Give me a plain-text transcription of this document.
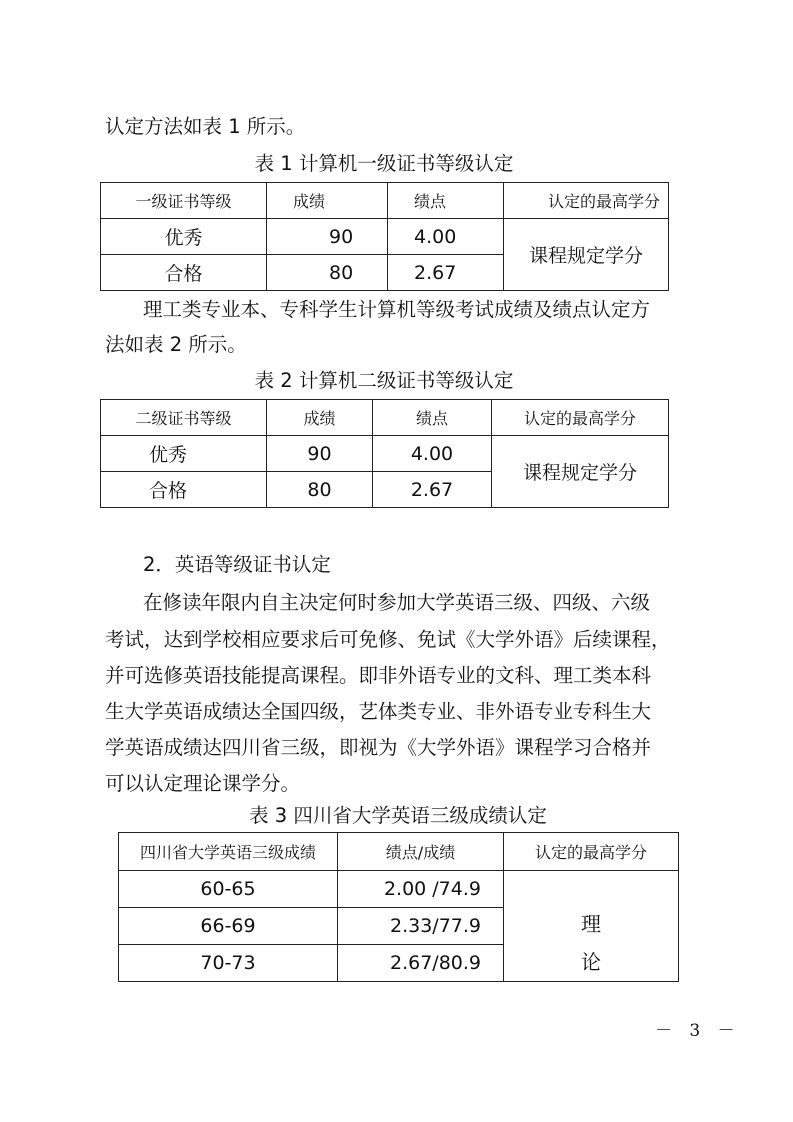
认定方法如表 1 所示。

表 1 计算机一级证书等级认定
一级证书等级	成绩	绩点	认定的最高学分
优秀	90	4.00	课程规定学分
合格	80	2.67	

理工类专业本、专科学生计算机等级考试成绩及绩点认定方

法如表 2 所示。

表 2 计算机二级证书等级认定
二级证书等级	成绩	绩点	认定的最高学分
优秀	90	4.00	课程规定学分
合格	80	2.67	

2．英语等级证书认定

在修读年限内自主决定何时参加大学英语三级、四级、六级

考试，达到学校相应要求后可免修、免试《大学外语》后续课程，

并可选修英语技能提高课程。即非外语专业的文科、理工类本科

生大学英语成绩达全国四级，艺体类专业、非外语专业专科生大

学英语成绩达四川省三级，即视为《大学外语》课程学习合格并

可以认定理论课学分。

表 3 四川省大学英语三级成绩认定
四川省大学英语三级成绩	绩点/成绩	认定的最高学分
60-65	2.00 /74.9	理
论

66-69	2.33/77.9	
70-73	2.67/80.9	
－ 3 －
